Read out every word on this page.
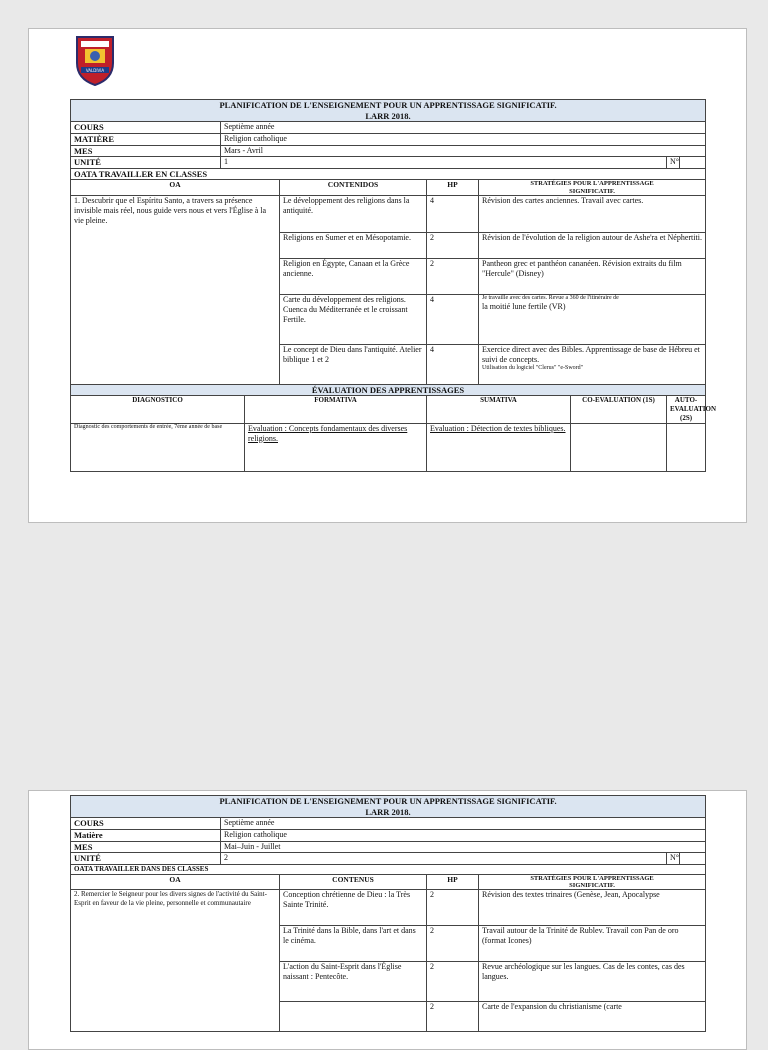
VALDIVIA
PLANIFICATION DE L'ENSEIGNEMENT POUR UN APPRENTISSAGE SIGNIFICATIF.
LARR 2018.								

COURS	Septième année							
MATIÈRE	Religion catholique							
MES	Mars - Avril							
UNITÉ	1						N°	
OATA TRAVAILLER EN CLASSES								
OA			CONTENIDOS	HP	STRATÉGIES POUR L'APPRENTISSAGE
SIGNIFICATIF.			

1. Descubrir que el Espíritu Santo, a travers sa présence invisible mais réel, nous guide vers nous et vers l'Église à la vie pleine.			Le développement des religions dans la antiquité.	4	Révision des cartes anciennes. Travail avec cartes.			
			Religions en Sumer et en Mésopotamie.	2	Révision de l'évolution de la religion autour de Ashe'ra et Néphertiti.			
			Religion en Égypte, Canaan et la Grèce ancienne.	2	Pantheon grec et panthéon cananéen. Révision extraits du film "Hercule" (Disney)			
			Carte du développement des religions. Cuenca du Méditerranée et le croissant Fertile.	4	Je travaille avec des cartes. Revue a 360 de l'itinéraire de
la moitié lune fertile (VR)			

			Le concept de Dieu dans l'antiquité. Atelier biblique 1 et 2	4	Exercice direct avec des Bibles. Apprentissage de base de Hébreu et suivi de concepts.
Utilisation du logiciel "Clerus" "e-Sword"			

ÉVALUATION DES APPRENTISSAGES								
DIAGNOSTICO		FORMATIVA		SUMATIVA		CO-EVALUATION (1S)	AUTO-EVALUATION (2S)	
Diagnostic des comportements de entrée, 7ème année de base		Evaluation : Concepts fondamentaux des diverses religions.		Evaluation : Détection de textes bibliques.				
PLANIFICATION DE L'ENSEIGNEMENT POUR UN APPRENTISSAGE SIGNIFICATIF.
LARR 2018.						

COURS	Septième année					
Matière	Religion catholique					
MES	Mai–Juin - Juillet					
UNITÉ	2				N°	
OATA TRAVAILLER DANS DES CLASSES						
OA		CONTENUS	HP	STRATÉGIES POUR L'APPRENTISSAGE
SIGNIFICATIF.		

2. Remercier le Seigneur pour les divers signes de l'activité du Saint-Esprit en faveur de la vie pleine, personnelle et communautaire		Conception chrétienne de Dieu : la Très Sainte Trinité.	2	Révision des textes trinaires (Genèse, Jean, Apocalypse		
		La Trinité dans la Bible, dans l'art et dans le cinéma.	2	Travail autour de la Trinité de Rublev. Travail con Pan de oro (format Icones)		
		L'action du Saint-Esprit dans l'Église naissant : Pentecôte.	2	Revue archéologique sur les langues. Cas de les contes, cas des langues.		
			2	Carte de l'expansion du christianisme (carte		
